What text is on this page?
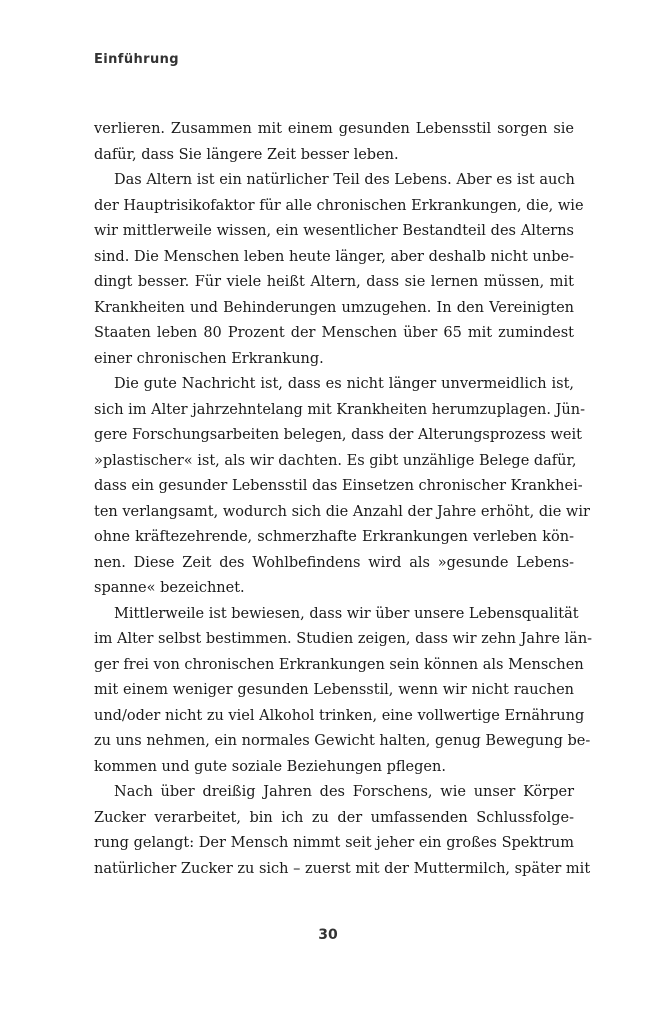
Einführung
verlieren. Zusammen mit einem gesunden Lebensstil sorgen sie
dafür, dass Sie längere Zeit besser leben.
Das Altern ist ein natürlicher Teil des Lebens. Aber es ist auch
der Hauptrisikofaktor für alle chronischen Erkrankungen, die, wie
wir mittlerweile wissen, ein wesentlicher Bestandteil des Alterns
sind. Die Menschen leben heute länger, aber deshalb nicht unbe-
dingt besser. Für viele heißt Altern, dass sie lernen müssen, mit
Krankheiten und Behinderungen umzugehen. In den Vereinigten
Staaten leben 80 Prozent der Menschen über 65 mit zumindest
einer chronischen Erkrankung.
Die gute Nachricht ist, dass es nicht länger unvermeidlich ist,
sich im Alter jahrzehntelang mit Krankheiten herumzuplagen. Jün-
gere Forschungsarbeiten belegen, dass der Alterungsprozess weit
»plastischer« ist, als wir dachten. Es gibt unzählige Belege dafür,
dass ein gesunder Lebensstil das Einsetzen chronischer Krankhei-
ten verlangsamt, wodurch sich die Anzahl der Jahre erhöht, die wir
ohne kräftezehrende, schmerzhafte Erkrankungen verleben kön-
nen. Diese Zeit des Wohlbefindens wird als »gesunde Lebens-
spanne« bezeichnet.
Mittlerweile ist bewiesen, dass wir über unsere Lebensqualität
im Alter selbst bestimmen. Studien zeigen, dass wir zehn Jahre län-
ger frei von chronischen Erkrankungen sein können als Menschen
mit einem weniger gesunden Lebensstil, wenn wir nicht rauchen
und/oder nicht zu viel Alkohol trinken, eine vollwertige Ernährung
zu uns nehmen, ein normales Gewicht halten, genug Bewegung be-
kommen und gute soziale Beziehungen pflegen.
Nach über dreißig Jahren des Forschens, wie unser Körper
Zucker verarbeitet, bin ich zu der umfassenden Schlussfolge-
rung gelangt: Der Mensch nimmt seit jeher ein großes Spektrum
natürlicher Zucker zu sich – zuerst mit der Muttermilch, später mit
30
